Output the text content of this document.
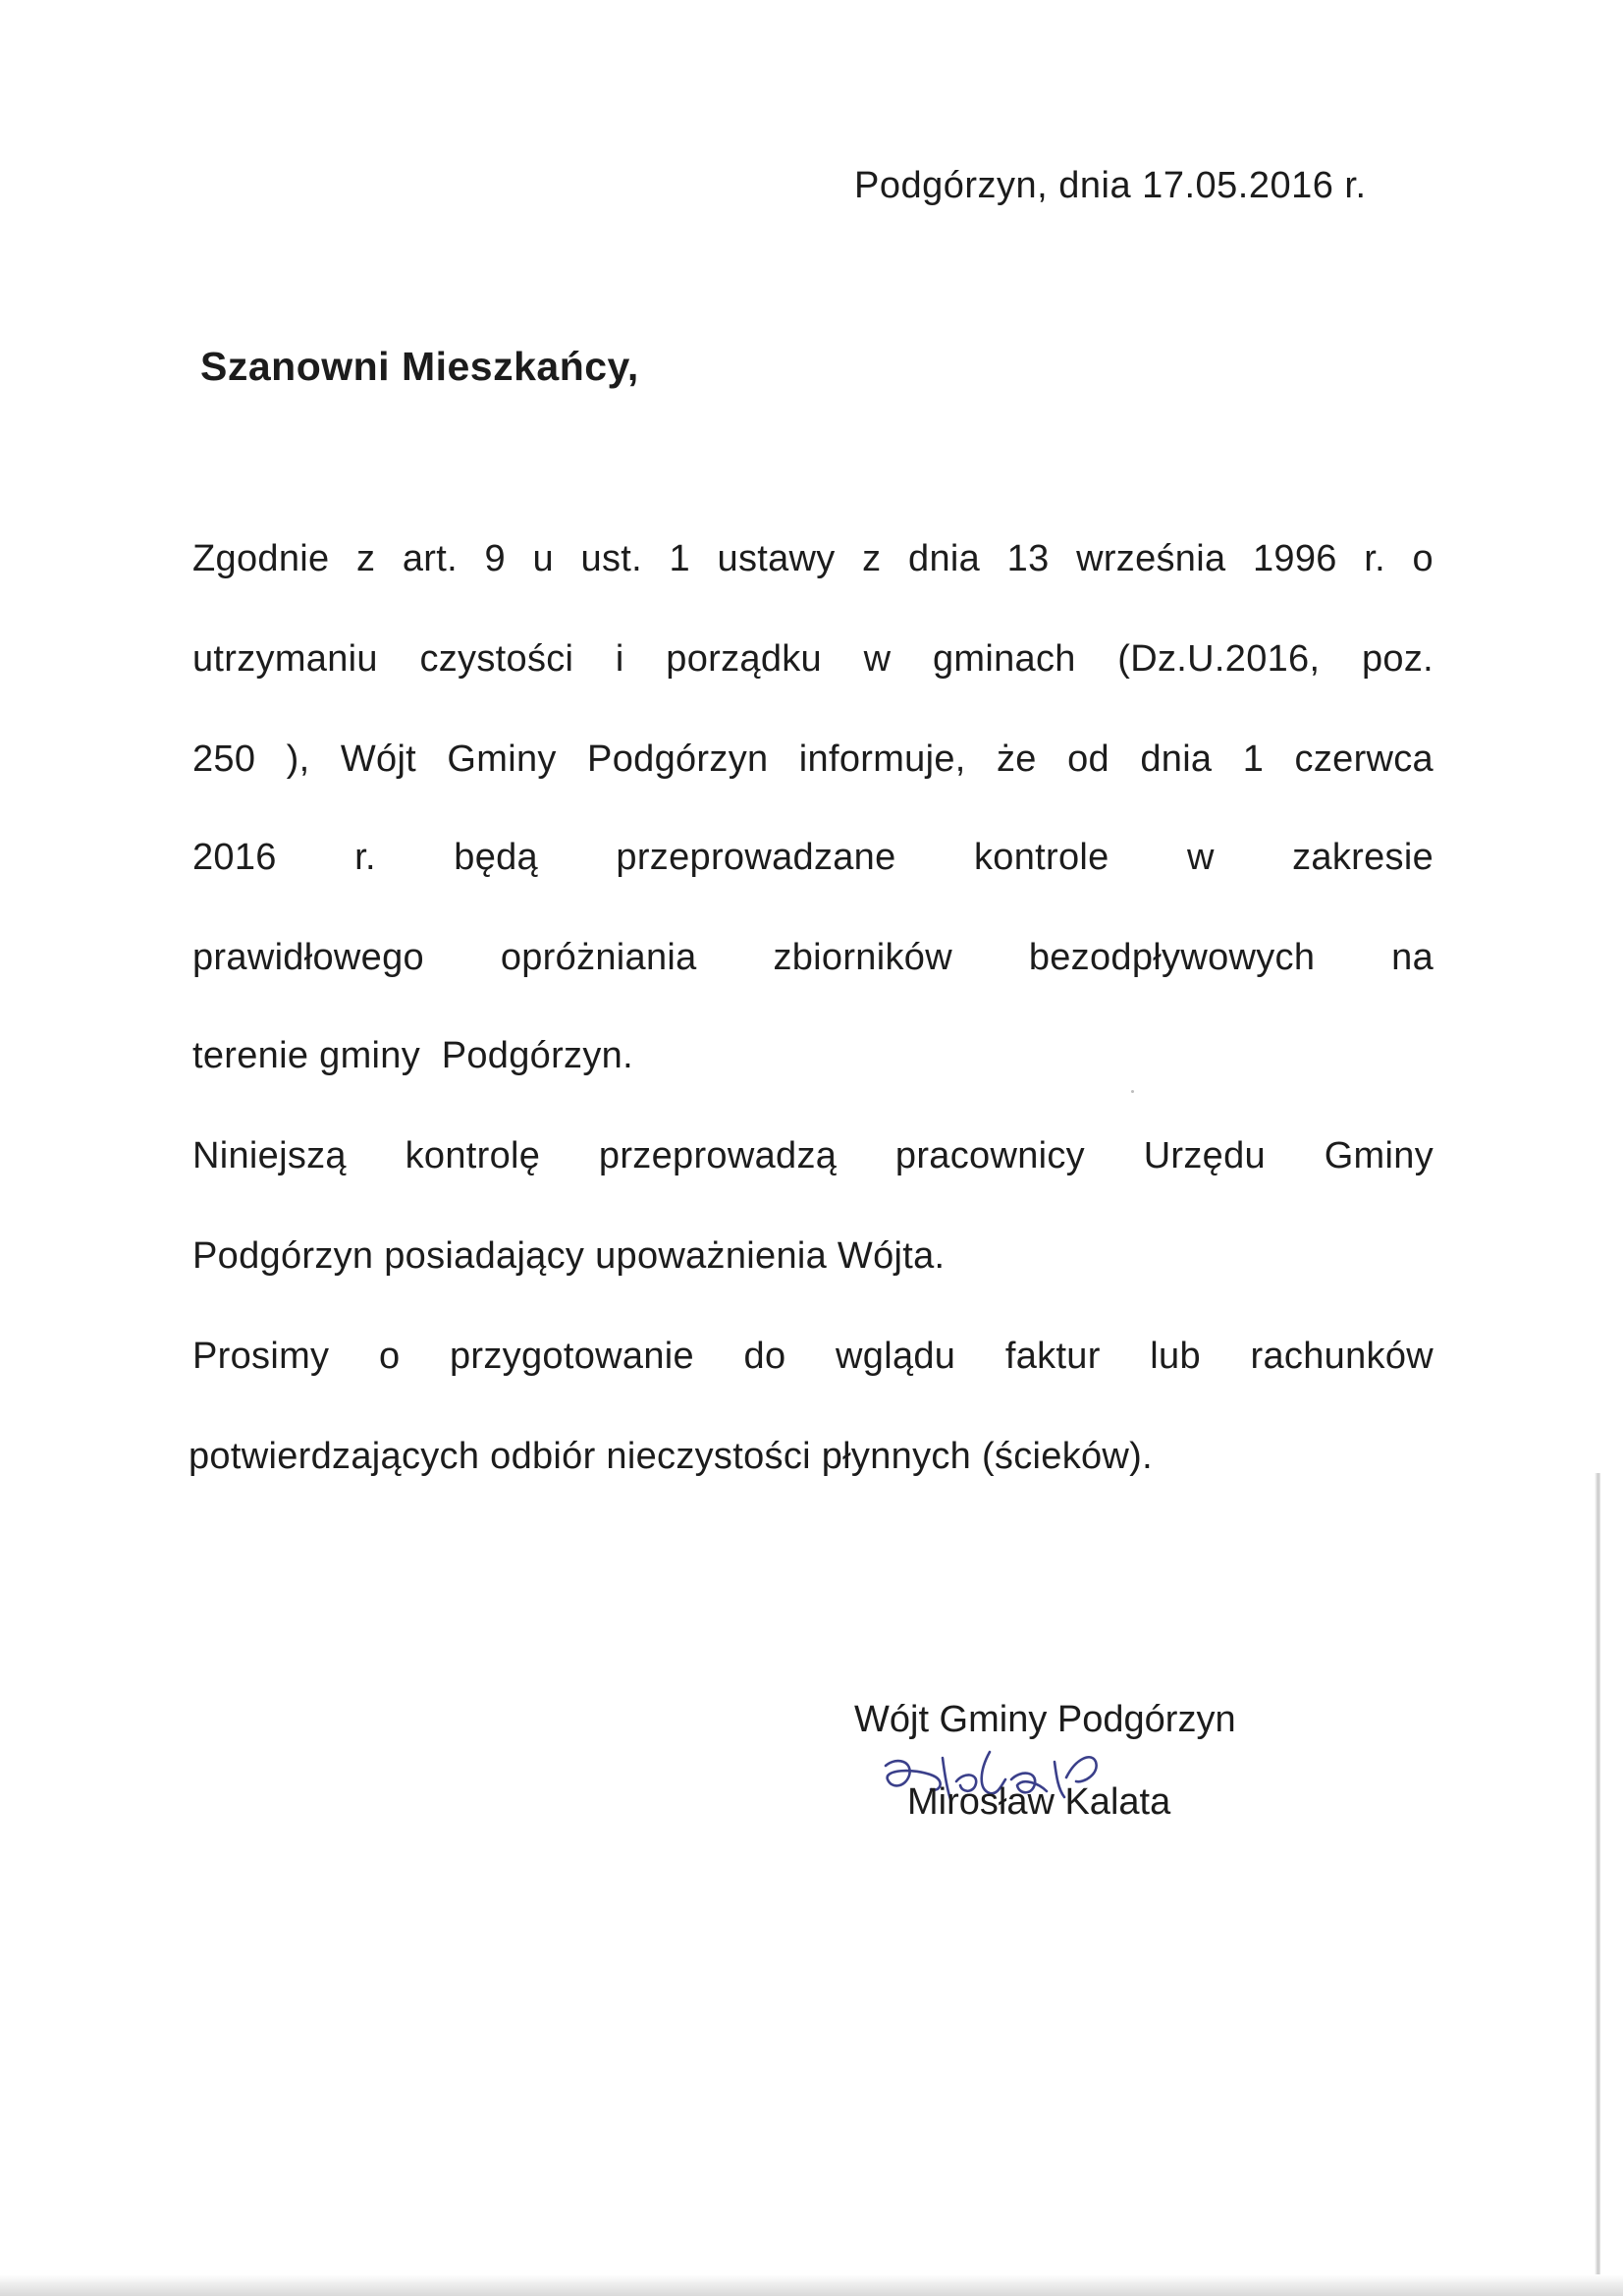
Podgórzyn, dnia 17.05.2016 r.
Szanowni Mieszkańcy,
Zgodnie z art. 9 u ust. 1 ustawy z dnia 13 września 1996 r. o
utrzymaniu czystości i porządku w gminach (Dz.U.2016, poz.
250 ), Wójt Gminy Podgórzyn informuje, że od dnia 1 czerwca
2016 r. będą przeprowadzane kontrole w zakresie
prawidłowego opróżniania zbiorników bezodpływowych na
terenie gminy  Podgórzyn.
Niniejszą kontrolę przeprowadzą pracownicy Urzędu Gminy
Podgórzyn posiadający upoważnienia Wójta.
Prosimy o przygotowanie do wglądu faktur lub rachunków
potwierdzających odbiór nieczystości płynnych (ścieków).
Wójt Gminy Podgórzyn
Mirosław Kalata
